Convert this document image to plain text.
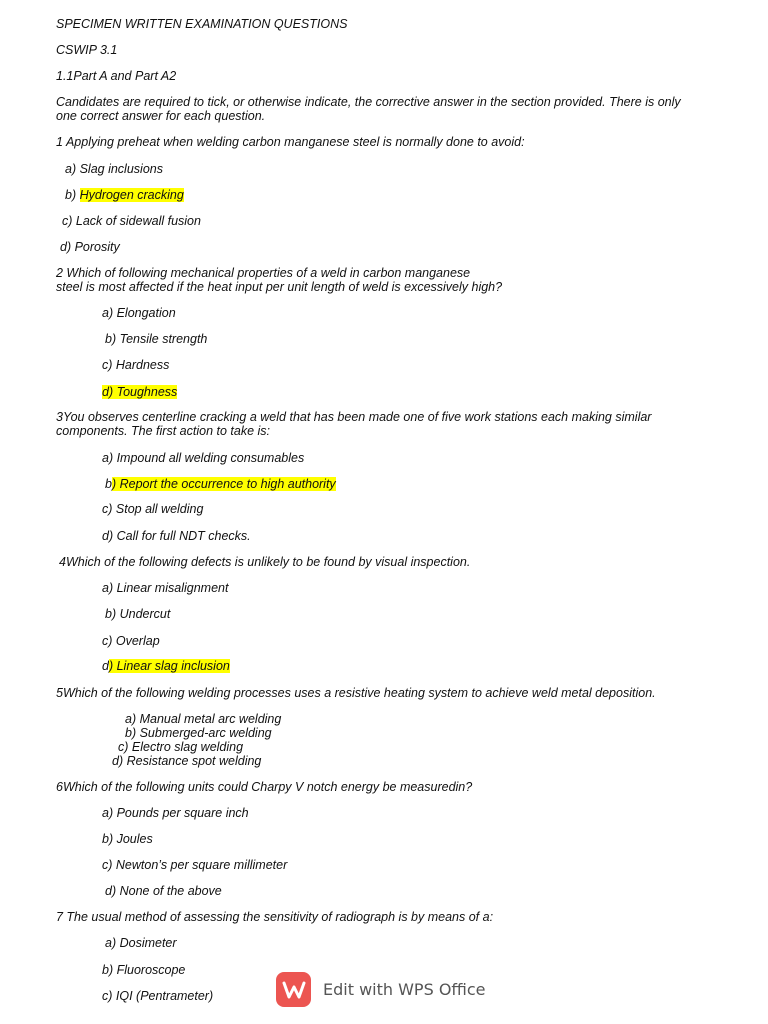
SPECIMEN WRITTEN EXAMINATION QUESTIONS
CSWIP 3.1
1.1Part A and Part A2
Candidates are required to tick, or otherwise indicate, the corrective answer in the section provided. There is only
one correct answer for each question.
1 Applying preheat when welding carbon manganese steel is normally done to avoid:
a) Slag inclusions
b) Hydrogen cracking
c) Lack of sidewall fusion
d) Porosity
2 Which of following mechanical properties of a weld in carbon manganese
steel is most affected if the heat input per unit length of weld is excessively high?
a) Elongation
b) Tensile strength
c) Hardness
d) Toughness
3You observes centerline cracking a weld that has been made one of five work stations each making similar
components. The first action to take is:
a) Impound all welding consumables
b) Report the occurrence to high authority
c) Stop all welding
d) Call for full NDT checks.
4Which of the following defects is unlikely to be found by visual inspection.
a) Linear misalignment
b) Undercut
c) Overlap
d) Linear slag inclusion
5Which of the following welding processes uses a resistive heating system to achieve weld metal deposition.
a) Manual metal arc welding
b) Submerged-arc welding
c) Electro slag welding
d) Resistance spot welding
6Which of the following units could Charpy V notch energy be measuredin?
a) Pounds per square inch
b) Joules
c) Newton’s per square millimeter
d) None of the above
7 The usual method of assessing the sensitivity of radiograph is by means of a:
a) Dosimeter
b) Fluoroscope
c) IQI (Pentrameter)	Edit with WPS Office
